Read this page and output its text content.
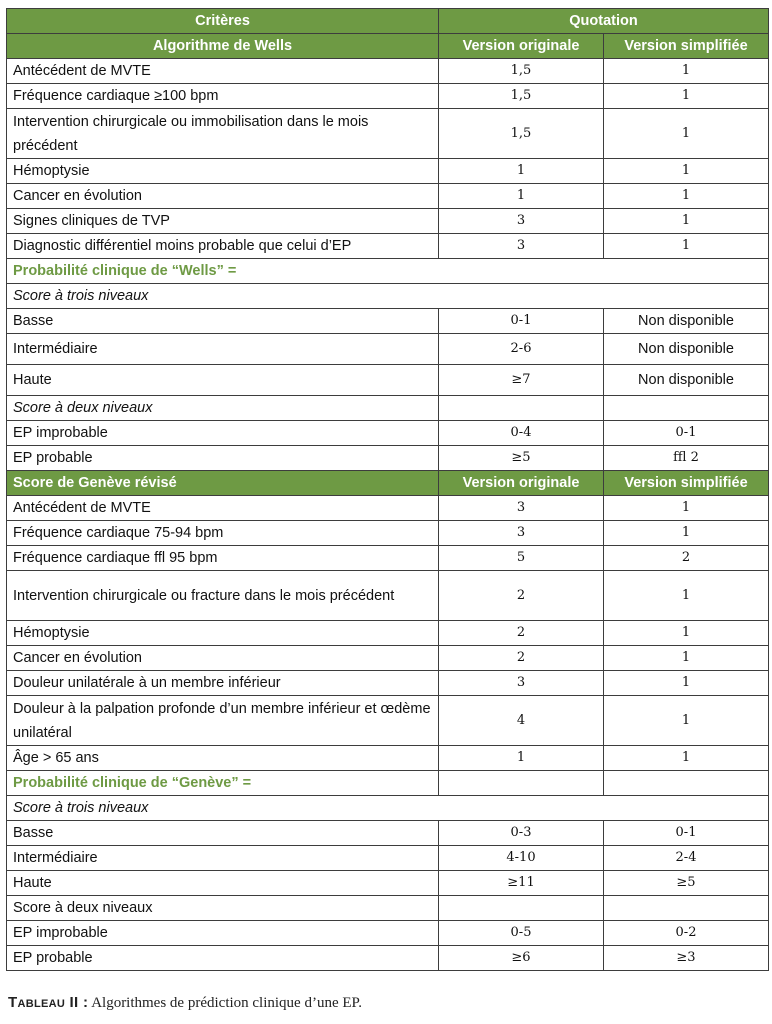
Critères	Quotation	
Algorithme de Wells	Version originale	Version simplifiée
Antécédent de MVTE	1,5	1
Fréquence cardiaque ≥100 bpm	1,5	1
Intervention chirurgicale ou immobilisation dans le mois précédent	1,5	1
Hémoptysie	1	1
Cancer en évolution	1	1
Signes cliniques de TVP	3	1
Diagnostic différentiel moins probable que celui d’EP	3	1
Probabilité clinique de “Wells” =		
Score à trois niveaux		
Basse	0-1	Non disponible
Intermédiaire	2-6	Non disponible
Haute	≥7	Non disponible
Score à deux niveaux		
EP improbable	0-4	0-1
EP probable	≥5	ffl 2
Score de Genève révisé	Version originale	Version simplifiée
Antécédent de MVTE	3	1
Fréquence cardiaque 75-94 bpm	3	1
Fréquence cardiaque ffl 95 bpm	5	2
Intervention chirurgicale ou fracture dans le mois précédent	2	1
Hémoptysie	2	1
Cancer en évolution	2	1
Douleur unilatérale à un membre inférieur	3	1
Douleur à la palpation profonde d’un membre inférieur et œdème unilatéral	4	1
Âge > 65 ans	1	1
Probabilité clinique de “Genève” =		
Score à trois niveaux		
Basse	0-3	0-1
Intermédiaire	4-10	2-4
Haute	≥11	≥5
Score à deux niveaux		
EP improbable	0-5	0-2
EP probable	≥6	≥3
Tableau II : Algorithmes de prédiction clinique d’une EP.
